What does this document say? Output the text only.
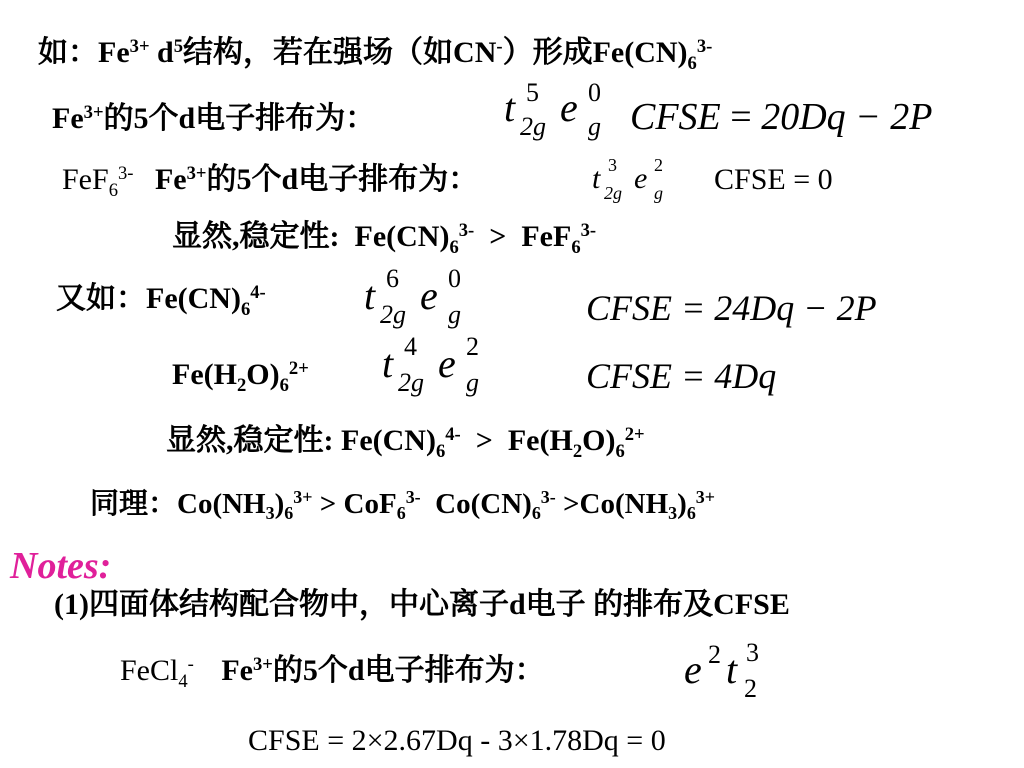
如：$Fe^{3+}$ $d^5$结构，若在强场（如CN-）形成$Fe(CN)_6^{3-}$
$Fe^{3+}$的5个d电子排布为：	t 5
2g e 0
g CFSE = 20Dq − 2P
FeF$_6^{3-}$ $Fe^{3+}$的5个d电子排布为：	t 3
2g e 2
g CFSE = 0
显然,稳定性:  $Fe(CN)_6^{3-} > FeF_6^{3-}$
又如：$Fe(CN)_6^{4-}$ t 6
2g e 0
g	CFSE = 24Dq − 2P
$Fe(H_2O)_6^{2+}$ t 4
2g e 2
g	CFSE = 4Dq
显然,稳定性: $Fe(CN)_6^{4-} > Fe(H_2O)_6^{2+}$
同理：$Co(NH_3)_6^{3+} > CoF_6^{3-}$  $Co(CN)_6^{3-} >Co(NH_3)_6^{3+}$
Notes:
(1)四面体结构配合物中，中心离子d电子 的排布及CFSE
FeCl$_4$- $Fe^{3+}$的5个d电子排布为：	e 2 t 3
2
CFSE = 2×2.67Dq - 3×1.78Dq = 0
